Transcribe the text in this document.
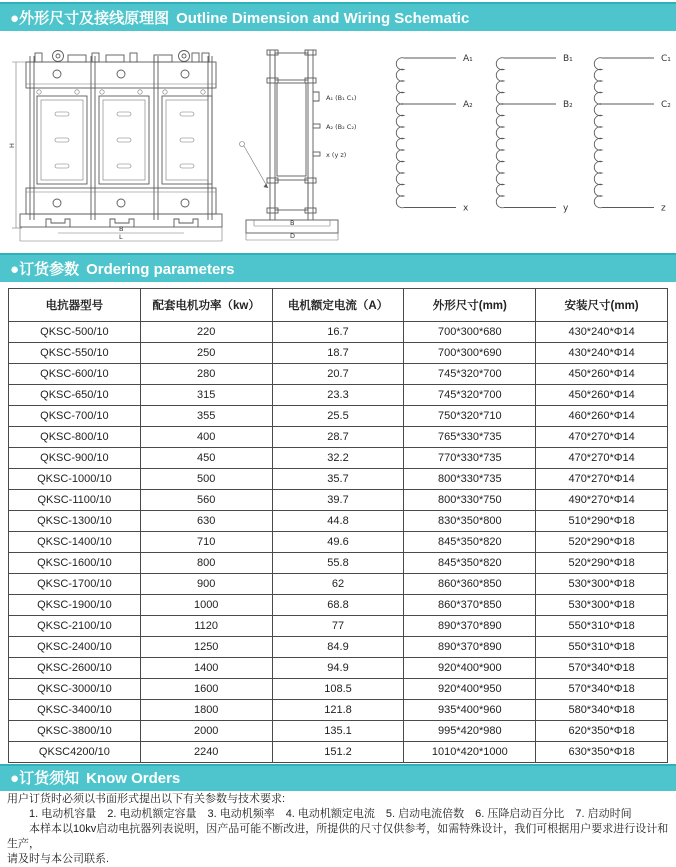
●外形尺寸及接线原理图 Outline Dimension and Wiring Schematic
H
B
L
A₁ (B₁ C₁)
A₂ (B₂ C₂)
x (y z)
B
D
A₁
A₂
x
B₁
B₂
y
C₁
C₂
z
●订货参数 Ordering parameters
电抗器型号	配套电机功率（kw）	电机额定电流（A）	外形尺寸(mm)	安装尺寸(mm)
QKSC-500/10	220	16.7	700*300*680	430*240*Φ14
QKSC-550/10	250	18.7	700*300*690	430*240*Φ14
QKSC-600/10	280	20.7	745*320*700	450*260*Φ14
QKSC-650/10	315	23.3	745*320*700	450*260*Φ14
QKSC-700/10	355	25.5	750*320*710	460*260*Φ14
QKSC-800/10	400	28.7	765*330*735	470*270*Φ14
QKSC-900/10	450	32.2	770*330*735	470*270*Φ14
QKSC-1000/10	500	35.7	800*330*735	470*270*Φ14
QKSC-1100/10	560	39.7	800*330*750	490*270*Φ14
QKSC-1300/10	630	44.8	830*350*800	510*290*Φ18
QKSC-1400/10	710	49.6	845*350*820	520*290*Φ18
QKSC-1600/10	800	55.8	845*350*820	520*290*Φ18
QKSC-1700/10	900	62	860*360*850	530*300*Φ18
QKSC-1900/10	1000	68.8	860*370*850	530*300*Φ18
QKSC-2100/10	1120	77	890*370*890	550*310*Φ18
QKSC-2400/10	1250	84.9	890*370*890	550*310*Φ18
QKSC-2600/10	1400	94.9	920*400*900	570*340*Φ18
QKSC-3000/10	1600	108.5	920*400*950	570*340*Φ18
QKSC-3400/10	1800	121.8	935*400*960	580*340*Φ18
QKSC-3800/10	2000	135.1	995*420*980	620*350*Φ18
QKSC4200/10	2240	151.2	1010*420*1000	630*350*Φ18
●订货须知 Know Orders
用户订货时必须以书面形式提出以下有关参数与技术要求:
1. 电动机容量　2. 电动机额定容量　3. 电动机频率　4. 电动机额定电流　5. 启动电流倍数　6. 压降启动百分比　7. 启动时间
本样本以10kv启动电抗器列表说明，因产品可能不断改进，所提供的尺寸仅供参考，如需特殊设计，我们可根据用户要求进行设计和生产，
请及时与本公司联系.
